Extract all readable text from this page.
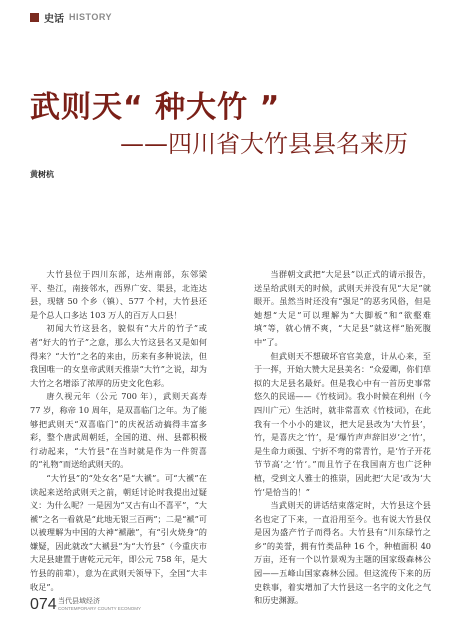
史话 HISTORY
武则天“ 种大竹 ”
——四川省大竹县县名来历
黄树杭

大竹县位于四川东部，达州南部，东邻梁平、垫江，南接邻水，西界广安、渠县，北连达县，现辖 50 个乡（镇）、577 个村，大竹县还是个总人口多达 103 万人的百万人口县！

初闻大竹这县名，貌似有“大片的竹子”或者“好大的竹子”之意，那么大竹这县名又是如何得来？“大竹”之名的来由，历来有多种说法，但我国唯一的女皇帝武则天推崇“大竹”之说，却为大竹之名增添了浓厚的历史文化色彩。

唐久视元年（公元 700 年），武则天高寿 77 岁，称帝 10 周年，是双喜临门之年。为了能够把武则天“双喜临门”的庆祝活动搞得丰富多彩，整个唐武周朝廷，全国的道、州、县都积极行动起来，“大竹县”在当时就是作为一件贺喜的“礼物”而送给武则天的。

“大竹县”的“处女名”是“大褫”。可“大褫”在读起来送给武则天之前，朝廷讨论时我提出过疑义：为什么呢？一是因为“又古有山不喜平”，“大褫”之名一看就是“此地无银三百两”；二是“褫”可以被理解为中国的大神“褫融”，有“引火烧身”的嫌疑，因此就改“大褫县”为“大竹县”（今重庆市大足县建置于唐乾元元年，即公元 758 年，是大竹县的前辈），意为在武则天领导下，全国“大丰收足”。

当群朝文武把“大足县”以正式的请示报告，送呈给武则天的时候，武则天并没有见“大足”就眼开。虽然当时还没有“强足”的恶劣风俗，但是她想“大足”可以理解为“大脚板”和“欲壑难填”等，就心情不爽，“大足县”就这样“胎死腹中”了。

但武则天不想破坏官官美意，计从心来，至于一挥，开始大赞大足县美名：“众爱卿，你们草拟的大足县名最好。但是我心中有一首历史事常悠久的民谣——《竹枝词》。我小时候在利州（今四川广元）生活时，就非常喜欢《竹枝词》，在此我有一个小小的建议，把大足县改为‘大竹县’，竹，是喜庆之‘竹’，是‘爆竹声声辞旧岁’之‘竹’，是生命力顽强、宁折不弯的常青竹，是‘竹子开花节节高’之‘竹’。”而且竹子在我国南方也广泛种植，受到文人雅士的推崇，因此把‘大足’改为‘大竹’是恰当的！”

当武则天的讲话结束落定时，大竹县这个县名也定了下来，一直沿用至今。也有说大竹县仅是因为盛产竹子而得名。大竹县有“川东绿竹之乡”的美誉，拥有竹类品种 16 个，种植面积 40 万亩，还有一个以竹景观为主题的国家级森林公园——五峰山国家森林公园。但这流传下来的历史轶事，着实增加了大竹县这一名字的文化之气和历史渊源。

074 当代县域经济
CONTEMPORARY COUNTY ECONOMY
